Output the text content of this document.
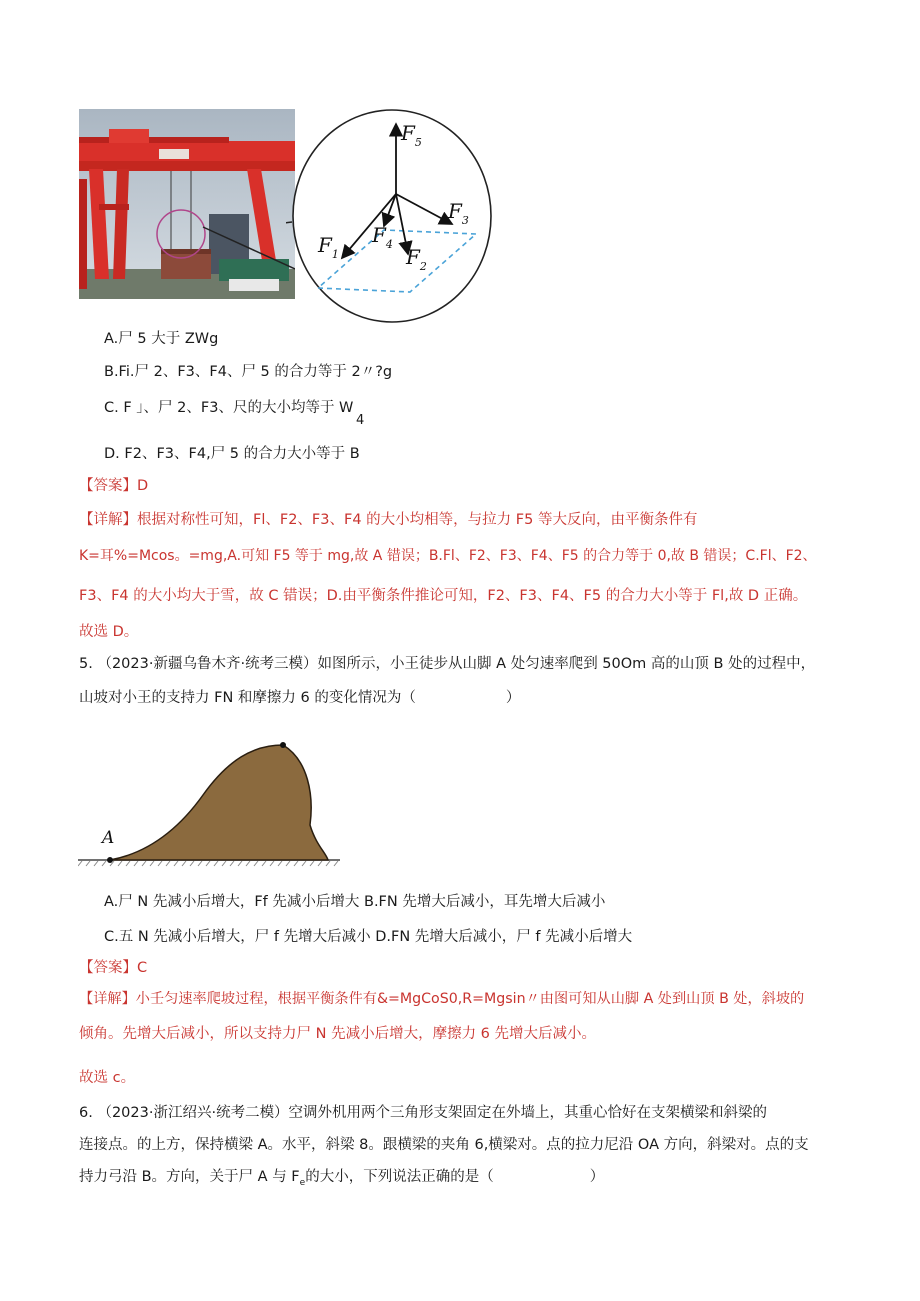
$F_5$
$F_3$
$F_1$
$F_4$
$F_2$
A.尸 5 大于 ZWg
B.Fi.尸 2、F3、F4、尸 5 的合力等于 2〃?g
C. F 」、尸 2、F3、尺的大小均等于 W
4
D. F2、F3、F4,尸 5 的合力大小等于 B
【答案】D
【详解】根据对称性可知，Fl、F2、F3、F4 的大小均相等，与拉力 F5 等大反向，由平衡条件有
K=耳%=Mcos。=mg,A.可知 F5 等于 mg,故 A 错误；B.Fl、F2、F3、F4、F5 的合力等于 0,故 B 错误；C.Fl、F2、
F3、F4 的大小均大于雪，故 C 错误；D.由平衡条件推论可知，F2、F3、F4、F5 的合力大小等于 Fl,故 D 正确。
故选 D。
5. （2023·新疆乌鲁木齐·统考三模）如图所示，小王徒步从山脚 A 处匀速率爬到 50Om 高的山顶 B 处的过程中，
山坡对小王的支持力 FN 和摩擦力 6 的变化情况为（	）
A
A.尸 N 先减小后增大，Ff 先减小后增大 B.FN 先增大后减小，耳先增大后减小
C.五 N 先减小后增大，尸 f 先增大后减小 D.FN 先增大后减小，尸 f 先减小后增大
【答案】C
【详解】小壬匀速率爬坡过程，根据平衡条件有&=MgCoS0,R=Mgsin〃由图可知从山脚 A 处到山顶 B 处，斜坡的
倾角。先增大后减小，所以支持力尸 N 先减小后增大，摩擦力 6 先增大后减小。
故选 c。
6. （2023·浙江绍兴·统考二模）空调外机用两个三角形支架固定在外墙上，其重心恰好在支架横梁和斜梁的
连接点。的上方，保持横梁 A。水平，斜梁 8。跟横梁的夹角 6,横梁对。点的拉力尼沿 OA 方向，斜梁对。点的支
持力弓沿 B。方向，关于尸 A 与 $F_e$的大小，下列说法正确的是（	）
